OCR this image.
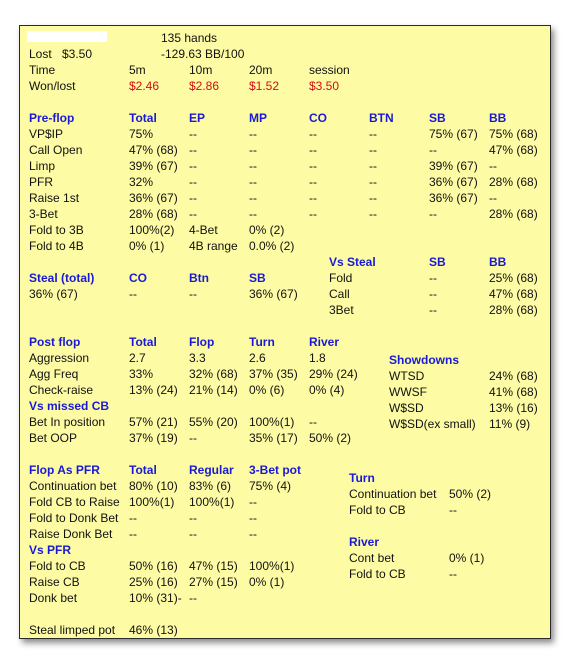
135 hands
Lost $3.50	-129.63 BB/100
Time	5m	10m	20m	session
Won/lost	$2.46 $2.86 $1.52 $3.50
Pre-flop	Total	EP	MP	CO	BTN	SB	BB
VP$IP	75%	--	--	--	--	75% (67) 75% (68)
Call Open	47% (68) --	--	--	--	--	47% (68)
Limp	39% (67) --	--	--	--	39% (67) --
PFR	32%	--	--	--	--	36% (67) 28% (68)
Raise 1st	36% (67) --	--	--	--	36% (67) --
3-Bet	28% (68) --	--	--	--	--	28% (68)
Fold to 3B	100%(2) 4-Bet	0% (2)
Fold to 4B	0% (1) 4B range 0.0% (2)
Vs Steal	SB	BB
Fold	--	25% (68)
Call	--	47% (68)
3Bet	--	28% (68)
Steal (total)	CO	Btn	SB
36% (67)	--	--	36% (67)
Post flop	Total	Flop	Turn	River
Aggression	2.7	3.3	2.6	1.8
Agg Freq	33%	32% (68) 37% (35) 29% (24)
Check-raise	13% (24) 21% (14) 0% (6) 0% (4)
Vs missed CB
Bet In position 57% (21) 55% (20) 100%(1) --
Bet OOP	37% (19) --	35% (17) 50% (2)
Showdowns
WTSD	24% (68)
WWSF	41% (68)
W$SD	13% (16)
W$SD(ex small) 11% (9)
Flop As PFR Total	Regular 3-Bet pot
Continuation bet 80% (10) 83% (6) 75% (4)
Fold CB to Raise 100%(1) 100%(1) --
Fold to Donk Bet --	--	--
Raise Donk Bet --	--	--
Vs PFR
Fold to CB	50% (16) 47% (15) 100%(1)
Raise CB	25% (16) 27% (15) 0% (1)
Donk bet	10% (31)- --
Steal limped pot 46% (13)
Turn
Continuation bet 50% (2)
Fold to CB	--
River
Cont bet	0% (1)
Fold to CB	--
